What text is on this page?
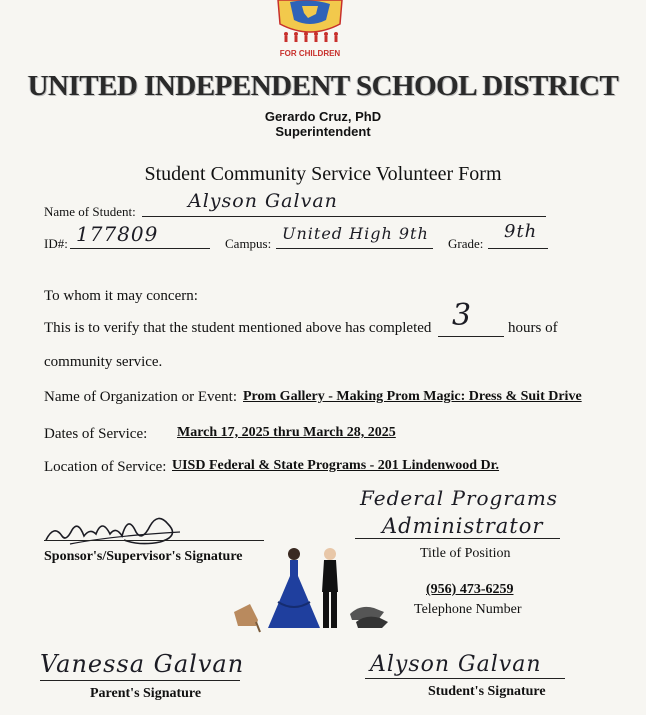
FOR CHILDREN

UNITED INDEPENDENT SCHOOL DISTRICT
Gerardo Cruz, PhD
Superintendent
Student Community Service Volunteer Form
Name of Student:	Alyson Galvan
ID#: 177809	Campus:
United High 9th
Grade:
9th
To whom it may concern:
This is to verify that the student mentioned above has completed 3 hours of
community service.
Name of Organization or Event: Prom Gallery - Making Prom Magic: Dress & Suit Drive
Dates of Service: March 17, 2025 thru March 28, 2025
Location of Service: UISD Federal & State Programs - 201 Lindenwood Dr.
Sponsor's/Supervisor's Signature
Federal Programs
Administrator
Title of Position
(956) 473-6259
Telephone Number
Vanessa Galvan
Parent's Signature
Alyson Galvan
Student's Signature
